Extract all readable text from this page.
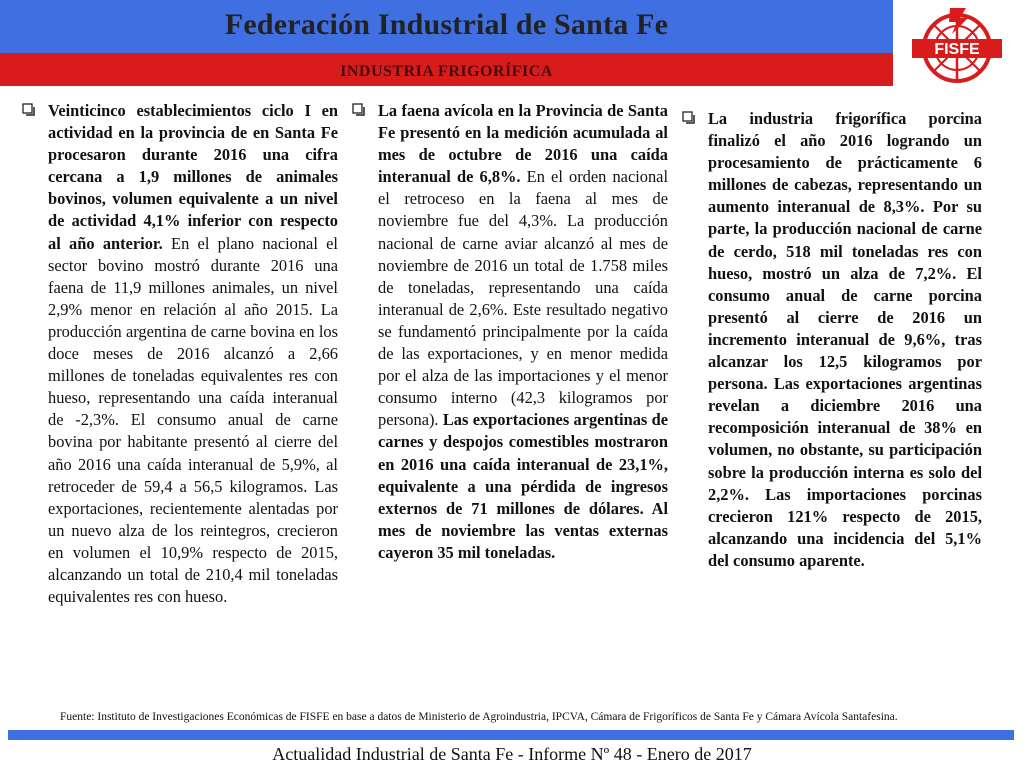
Federación Industrial de Santa Fe
INDUSTRIA FRIGORÍFICA
FISFE
Veinticinco establecimientos ciclo I en actividad en la provincia de en Santa Fe procesaron durante 2016 una cifra cercana a 1,9 millones de animales bovinos, volumen equivalente a un nivel de actividad 4,1% inferior con respecto al año anterior. En el plano nacional el sector bovino mostró durante 2016 una faena de 11,9 millones animales, un nivel 2,9% menor en relación al año 2015. La producción argentina de carne bovina en los doce meses de 2016 alcanzó a 2,66 millones de toneladas equivalentes res con hueso, representando una caída interanual de -2,3%. El consumo anual de carne bovina por habitante presentó al cierre del año 2016 una caída interanual de 5,9%, al retroceder de 59,4 a 56,5 kilogramos. Las exportaciones, recientemente alentadas por un nuevo alza de los reintegros, crecieron en volumen el 10,9% respecto de 2015, alcanzando un total de 210,4 mil toneladas equivalentes res con hueso.
La faena avícola en la Provincia de Santa Fe presentó en la medición acumulada al mes de octubre de 2016 una caída interanual de 6,8%. En el orden nacional el retroceso en la faena al mes de noviembre fue del 4,3%. La producción nacional de carne aviar alcanzó al mes de noviembre de 2016 un total de 1.758 miles de toneladas, representando una caída interanual de 2,6%. Este resultado negativo se fundamentó principalmente por la caída de las exportaciones, y en menor medida por el alza de las importaciones y el menor consumo interno (42,3 kilogramos por persona). Las exportaciones argentinas de carnes y despojos comestibles mostraron en 2016 una caída interanual de 23,1%, equivalente a una pérdida de ingresos externos de 71 millones de dólares. Al mes de noviembre las ventas externas cayeron 35 mil toneladas.
La industria frigorífica porcina finalizó el año 2016 logrando un procesamiento de prácticamente 6 millones de cabezas, representando un aumento interanual de 8,3%. Por su parte, la producción nacional de carne de cerdo, 518 mil toneladas res con hueso, mostró un alza de 7,2%. El consumo anual de carne porcina presentó al cierre de 2016 un incremento interanual de 9,6%, tras alcanzar los 12,5 kilogramos por persona. Las exportaciones argentinas revelan a diciembre 2016 una recomposición interanual de 38% en volumen, no obstante, su participación sobre la producción interna es solo del 2,2%. Las importaciones porcinas crecieron 121% respecto de 2015, alcanzando una incidencia del 5,1% del consumo aparente.
Fuente: Instituto de Investigaciones Económicas de FISFE en base a datos de Ministerio de Agroindustria, IPCVA, Cámara de Frigoríficos de Santa Fe y Cámara Avícola Santafesina.
Actualidad Industrial de Santa Fe - Informe Nº 48 - Enero de 2017
